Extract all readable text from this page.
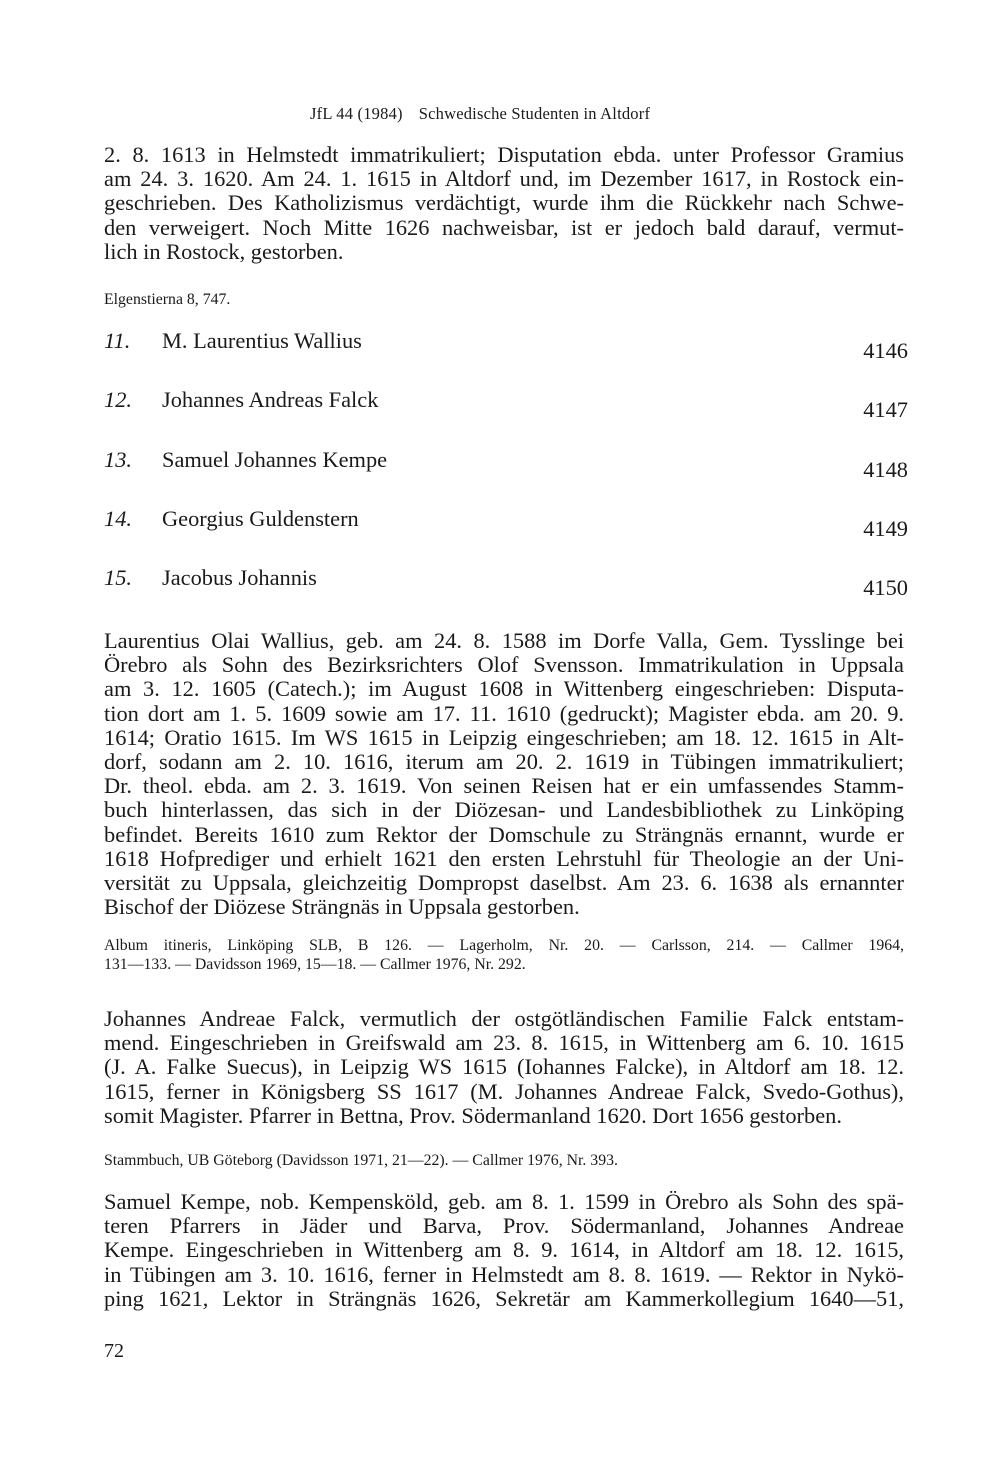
JfL 44 (1984) Schwedische Studenten in Altdorf
2. 8. 1613 in Helmstedt immatrikuliert; Disputation ebda. unter Professor Gramius
am 24. 3. 1620. Am 24. 1. 1615 in Altdorf und, im Dezember 1617, in Rostock ein-
geschrieben. Des Katholizismus verdächtigt, wurde ihm die Rückkehr nach Schwe-
den verweigert. Noch Mitte 1626 nachweisbar, ist er jedoch bald darauf, vermut-
lich in Rostock, gestorben.
Elgenstierna 8, 747.
11. M. Laurentius Wallius	4146
12. Johannes Andreas Falck	4147
13. Samuel Johannes Kempe	4148
14. Georgius Guldenstern	4149
15. Jacobus Johannis	4150
Laurentius Olai Wallius, geb. am 24. 8. 1588 im Dorfe Valla, Gem. Tysslinge bei
Örebro als Sohn des Bezirksrichters Olof Svensson. Immatrikulation in Uppsala
am 3. 12. 1605 (Catech.); im August 1608 in Wittenberg eingeschrieben: Disputa-
tion dort am 1. 5. 1609 sowie am 17. 11. 1610 (gedruckt); Magister ebda. am 20. 9.
1614; Oratio 1615. Im WS 1615 in Leipzig eingeschrieben; am 18. 12. 1615 in Alt-
dorf, sodann am 2. 10. 1616, iterum am 20. 2. 1619 in Tübingen immatrikuliert;
Dr. theol. ebda. am 2. 3. 1619. Von seinen Reisen hat er ein umfassendes Stamm-
buch hinterlassen, das sich in der Diözesan- und Landesbibliothek zu Linköping
befindet. Bereits 1610 zum Rektor der Domschule zu Strängnäs ernannt, wurde er
1618 Hofprediger und erhielt 1621 den ersten Lehrstuhl für Theologie an der Uni-
versität zu Uppsala, gleichzeitig Dompropst daselbst. Am 23. 6. 1638 als ernannter
Bischof der Diözese Strängnäs in Uppsala gestorben.
Album itineris, Linköping SLB, B 126. — Lagerholm, Nr. 20. — Carlsson, 214. — Callmer 1964,
131—133. — Davidsson 1969, 15—18. — Callmer 1976, Nr. 292.
Johannes Andreae Falck, vermutlich der ostgötländischen Familie Falck entstam-
mend. Eingeschrieben in Greifswald am 23. 8. 1615, in Wittenberg am 6. 10. 1615
(J. A. Falke Suecus), in Leipzig WS 1615 (Iohannes Falcke), in Altdorf am 18. 12.
1615, ferner in Königsberg SS 1617 (M. Johannes Andreae Falck, Svedo-Gothus),
somit Magister. Pfarrer in Bettna, Prov. Södermanland 1620. Dort 1656 gestorben.
Stammbuch, UB Göteborg (Davidsson 1971, 21—22). — Callmer 1976, Nr. 393.
Samuel Kempe, nob. Kempensköld, geb. am 8. 1. 1599 in Örebro als Sohn des spä-
teren Pfarrers in Jäder und Barva, Prov. Södermanland, Johannes Andreae
Kempe. Eingeschrieben in Wittenberg am 8. 9. 1614, in Altdorf am 18. 12. 1615,
in Tübingen am 3. 10. 1616, ferner in Helmstedt am 8. 8. 1619. — Rektor in Nykö-
ping 1621, Lektor in Strängnäs 1626, Sekretär am Kammerkollegium 1640—51,
72
